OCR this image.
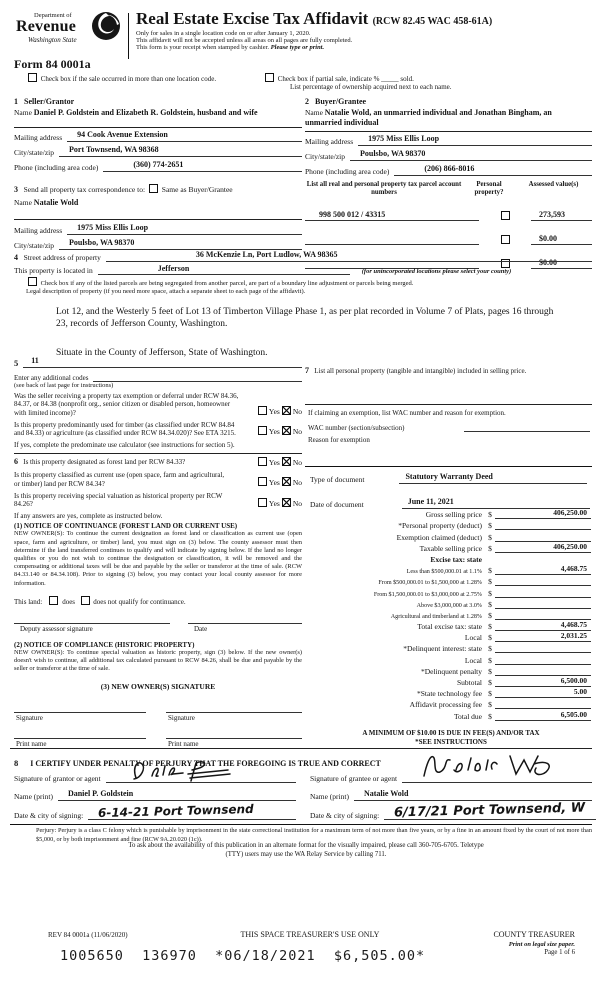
Department of
Revenue
Washington State
Real Estate Excise Tax Affidavit (RCW 82.45 WAC 458-61A)
Only for sales in a single location code on or after January 1, 2020.
This affidavit will not be accepted unless all areas on all pages are fully completed.
This form is your receipt when stamped by cashier. Please type or print.
Form 84 0001a
Check box if the sale occurred in more than one location code.	Check box if partial sale, indicate % _____ sold.
List percentage of ownership acquired next to each name.
1 Seller/Grantor
Name Daniel P. Goldstein and Elizabeth R. Goldstein, husband and wife
Mailing address	94 Cook Avenue Extension
City/state/zip	Port Townsend, WA 98368
Phone (including area code)	(360) 774-2651
2 Buyer/Grantee
Name Natalie Wold, an unmarried individual and Jonathan Bingham, an unmarried individual
Mailing address	1975 Miss Ellis Loop
City/state/zip	Poulsbo, WA 98370
Phone (including area code)	(206) 866-8016
List all real and personal property tax parcel account numbers
Personal property?
Assessed value(s)
998 500 012 / 43315	273,593
$0.00
$0.00
3 Send all property tax correspondence to: Same as Buyer/Grantee
Name Natalie Wold
Mailing address	1975 Miss Ellis Loop
City/state/zip	Poulsbo, WA 98370
4 Street address of property	36 McKenzie Ln, Port Ludlow, WA 98365
This property is located in	Jefferson	(for unincorporated locations please select your county)
Check box if any of the listed parcels are being segregated from another parcel, are part of a boundary line adjustment or parcels being merged.
Legal description of property (if you need more space, attach a separate sheet to each page of the affidavit).
Lot 12, and the Westerly 5 feet of Lot 13 of Timberton Village Phase 1, as per plat recorded in Volume 7 of Plats, pages 16 through 23, records of Jefferson County, Washington.
Situate in the County of Jefferson, State of Washington.
5	11
Enter any additional codes
(see back of last page for instructions)
Was the seller receiving a property tax exemption or deferral under RCW 84.36, 84.37, or 84.38 (nonprofit org., senior citizen or disabled person, homeowner with limited income)?	Yes No
Is this property predominantly used for timber (as classified under RCW 84.84 and 84.33) or agriculture (as classified under RCW 84.34.020)? See ETA 3215.	Yes No
If yes, complete the predominate use calculator (see instructions for section 5).
6 Is this property designated as forest land per RCW 84.33?	Yes No
Is this property classified as current use (open space, farm and agricultural, or timber) land per RCW 84.34?	Yes No
Is this property receiving special valuation as historical property per RCW 84.26?	Yes No
If any answers are yes, complete as instructed below.
(1) NOTICE OF CONTINUANCE (FOREST LAND OR CURRENT USE)
NEW OWNER(S): To continue the current designation as forest land or classification as current use (open space, farm and agriculture, or timber) land, you must sign on (3) below. The county assessor must then determine if the land transferred continues to qualify and will indicate by signing below. If the land no longer qualifies or you do not wish to continue the designation or classification, it will be removed and the compensating or additional taxes will be due and payable by the seller or transferor at the time of sale. (RCW 84.33.140 or 84.34.108). Prior to signing (3) below, you may contact your local county assessor for more information.
This land:	does	does not qualify for continuance.
Deputy assessor signature	Date
(2) NOTICE OF COMPLIANCE (HISTORIC PROPERTY)
NEW OWNER(S): To continue special valuation as historic property, sign (3) below. If the new owner(s) doesn't wish to continue, all additional tax calculated pursuant to RCW 84.26, shall be due and payable by the seller or transferor at the time of sale.
(3) NEW OWNER(S) SIGNATURE
Signature	Signature
Print name	Print name
7 List all personal property (tangible and intangible) included in selling price.
If claiming an exemption, list WAC number and reason for exemption.
WAC number (section/subsection)
Reason for exemption
Type of document	Statutory Warranty Deed
Date of document	June 11, 2021
Gross selling price $	406,250.00
*Personal property (deduct) $
Exemption claimed (deduct) $
Taxable selling price $	406,250.00
Excise tax: state
Less than $500,000.01 at 1.1% $	4,468.75
From $500,000.01 to $1,500,000 at 1.28% $
From $1,500,000.01 to $3,000,000 at 2.75% $
Above $3,000,000 at 3.0% $
Agricultural and timberland at 1.28% $
Total excise tax: state $	4,468.75
Local $	2,031.25
*Delinquent interest: state $
Local $
*Delinquent penalty $
Subtotal $	6,500.00
*State technology fee $	5.00
Affidavit processing fee $
Total due $	6,505.00
A MINIMUM OF $10.00 IS DUE IN FEE(S) AND/OR TAX
*SEE INSTRUCTIONS
8 I CERTIFY UNDER PENALTY OF PERJURY THAT THE FOREGOING IS TRUE AND CORRECT
Signature of grantor or agent	Signature of grantee or agent
Name (print)	Daniel P. Goldstein	Name (print)	Natalie Wold
Date & city of signing:	6-14-21 Port Townsend	Date & city of signing:	6/17/21 Port Townsend, W
Perjury: Perjury is a class C felony which is punishable by imprisonment in the state correctional institution for a maximum term of not more than five years, or by a fine in an amount fixed by the court of not more than $5,000, or by both imprisonment and fine (RCW 9A.20.020 (1c)).
To ask about the availability of this publication in an alternate format for the visually impaired, please call 360-705-6705. Teletype
(TTY) users may use the WA Relay Service by calling 711.
REV 84 0001a (11/06/2020)	THIS SPACE TREASURER'S USE ONLY	COUNTY TREASURER
Print on legal size paper.
Page 1 of 6
1005650  136970  *06/18/2021  $6,505.00*
